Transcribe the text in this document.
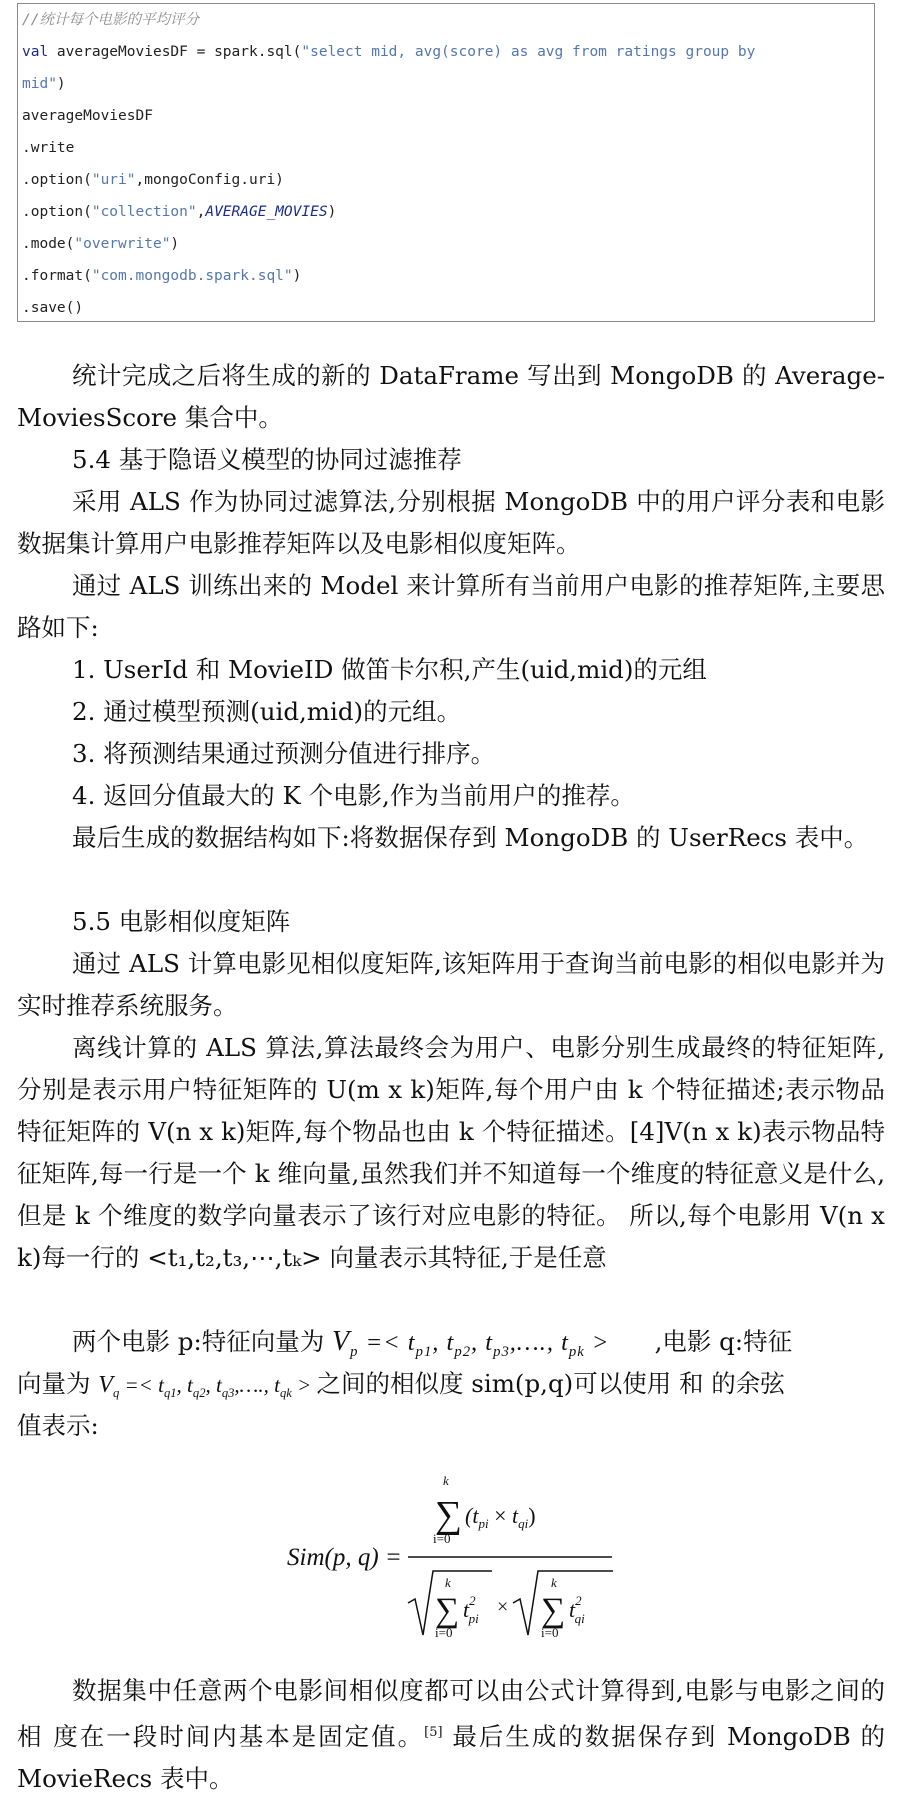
//统计每个电影的平均评分
val averageMoviesDF = spark.sql("select mid, avg(score) as avg from ratings group by
mid")
averageMoviesDF
.write
.option("uri",mongoConfig.uri)
.option("collection",AVERAGE_MOVIES)
.mode("overwrite")
.format("com.mongodb.spark.sql")
.save()
统计完成之后将生成的新的 DataFrame 写出到 MongoDB 的 Average-MoviesScore 集合中。
5.4 基于隐语义模型的协同过滤推荐
采用 ALS 作为协同过滤算法,分别根据 MongoDB 中的用户评分表和电影 数据集计算用户电影推荐矩阵以及电影相似度矩阵。
通过 ALS 训练出来的 Model 来计算所有当前用户电影的推荐矩阵,主要思路如下:
1. UserId 和 MovieID 做笛卡尔积,产生(uid,mid)的元组
2. 通过模型预测(uid,mid)的元组。
3. 将预测结果通过预测分值进行排序。
4. 返回分值最大的 K 个电影,作为当前用户的推荐。
最后生成的数据结构如下:将数据保存到 MongoDB 的 UserRecs 表中。
5.5 电影相似度矩阵
通过 ALS 计算电影见相似度矩阵,该矩阵用于查询当前电影的相似电影并为实时推荐系统服务。
离线计算的 ALS 算法,算法最终会为用户、电影分别生成最终的特征矩阵,分别是表示用户特征矩阵的 U(m x k)矩阵,每个用户由 k 个特征描述;表示物品特征矩阵的 V(n x k)矩阵,每个物品也由 k 个特征描述。[4]V(n x k)表示物品特征矩阵,每一行是一个 k 维向量,虽然我们并不知道每一个维度的特征意义是什么,但是 k 个维度的数学向量表示了该行对应电影的特征。 所以,每个电影用 V(n x k)每一行的 <t₁,t₂,t₃,⋯,tₖ> 向量表示其特征,于是任意
两个电影 p:特征向量为 $V_p =< t_{p1}$, $t_{p2}$, $t_{p3},\dots$., $t_{pk}$ > ,电影 q:特征
向量为 $V_q =< t_{q1}$, $t_{q2}$, $t_{q3},\dots$., $t_{qk}$ > 之间的相似度 sim(p,q)可以使用 和 的余弦
值表示:
Sim(p, q) =
k
∑
i=0
$(t_{pi} \times t_{qi})$
k
∑
i=0
$t^2$ pi
×
k
∑
i=0
$t^2$ qi
数据集中任意两个电影间相似度都可以由公式计算得到,电影与电影之间的相 度在一段时间内基本是固定值。[5] 最后生成的数据保存到 MongoDB 的 MovieRecs 表中。
